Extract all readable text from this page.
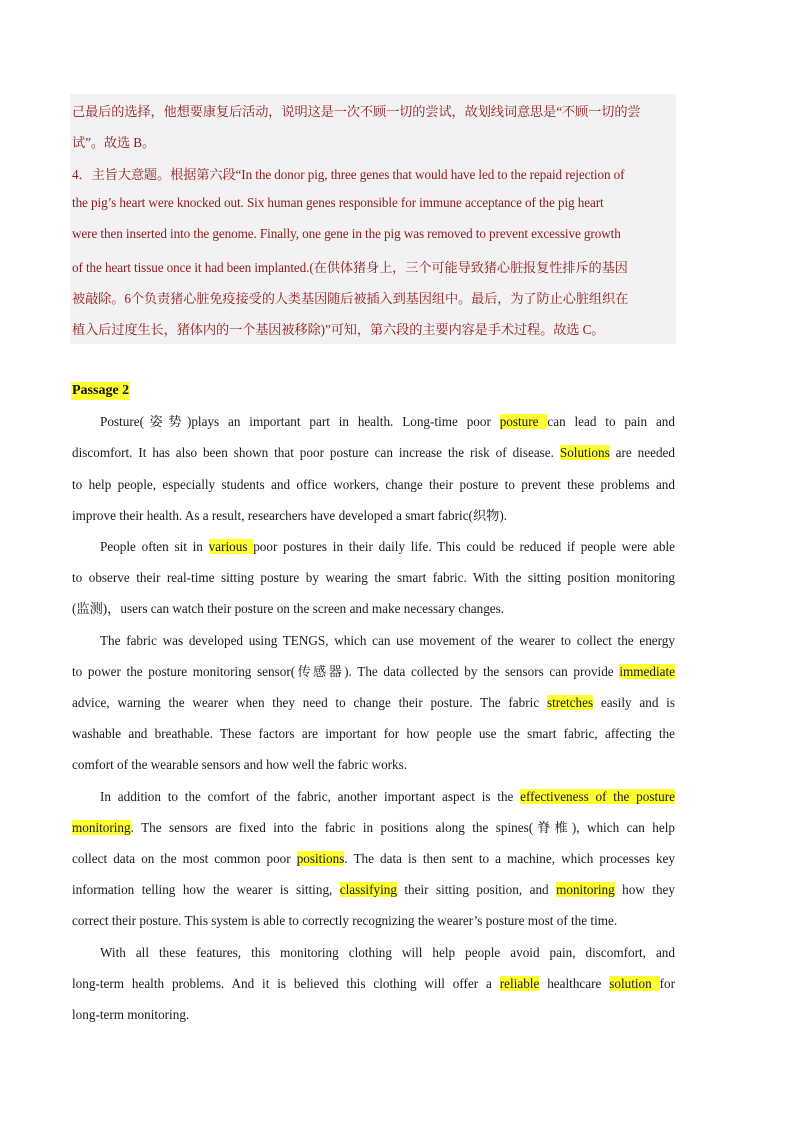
己最后的选择，他想要康复后活动，说明这是一次不顾一切的尝试，故划线词意思是“不顾一切的尝
试”。故选 B。
4．主旨大意题。根据第六段“In the donor pig, three genes that would have led to the repaid rejection of
the pig’s heart were knocked out. Six human genes responsible for immune acceptance of the pig heart
were then inserted into the genome. Finally, one gene in the pig was removed to prevent excessive growth
of the heart tissue once it had been implanted.(在供体猪身上，三个可能导致猪心脏报复性排斥的基因
被敲除。6个负责猪心脏免疫接受的人类基因随后被插入到基因组中。最后，为了防止心脏组织在
植入后过度生长，猪体内的一个基因被移除)”可知，第六段的主要内容是手术过程。故选 C。
Passage 2
Posture(姿势)plays an important part in health. Long-time poor posture can lead to pain and
discomfort. It has also been shown that poor posture can increase the risk of disease. Solutions are needed
to help people, especially students and office workers, change their posture to prevent these problems and
improve their health. As a result, researchers have developed a smart fabric(织物).
People often sit in various poor postures in their daily life. This could be reduced if people were able
to observe their real-time sitting posture by wearing the smart fabric. With the sitting position monitoring
(监测)，users can watch their posture on the screen and make necessary changes.
The fabric was developed using TENGS, which can use movement of the wearer to collect the energy
to power the posture monitoring sensor(传感器). The data collected by the sensors can provide immediate
advice, warning the wearer when they need to change their posture. The fabric stretches easily and is
washable and breathable. These factors are important for how people use the smart fabric, affecting the
comfort of the wearable sensors and how well the fabric works.
In addition to the comfort of the fabric, another important aspect is the effectiveness of the posture
monitoring. The sensors are fixed into the fabric in positions along the spines(脊椎), which can help
collect data on the most common poor positions. The data is then sent to a machine, which processes key
information telling how the wearer is sitting, classifying their sitting position, and monitoring how they
correct their posture. This system is able to correctly recognizing the wearer’s posture most of the time.
With all these features, this monitoring clothing will help people avoid pain, discomfort, and
long-term health problems. And it is believed this clothing will offer a reliable healthcare solution for
long-term monitoring.
